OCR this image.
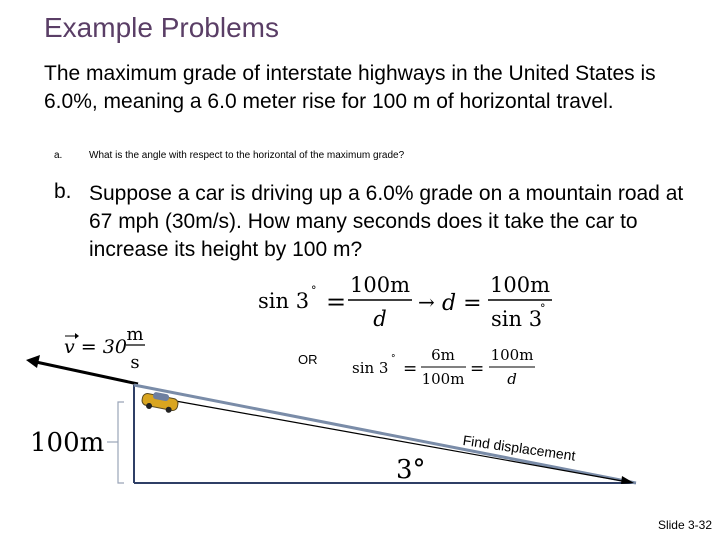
Example Problems
The maximum grade of interstate highways in the United States is 6.0%, meaning a 6.0 meter rise for 100 m of horizontal travel.
a.	What is the angle with respect to the horizontal of the maximum grade?
b. Suppose a car is driving up a 6.0% grade on a mountain road at 67 mph (30m/s). How many seconds does it take the car to increase its height by 100 m?
sin 3 ° =
100m
d
→ d =
100m
sin 3
°
v = 30
m
s	sin 3 ° =
6m
100m =
100m
d
OR
Find displacement
3°
100m
Slide 3-32
